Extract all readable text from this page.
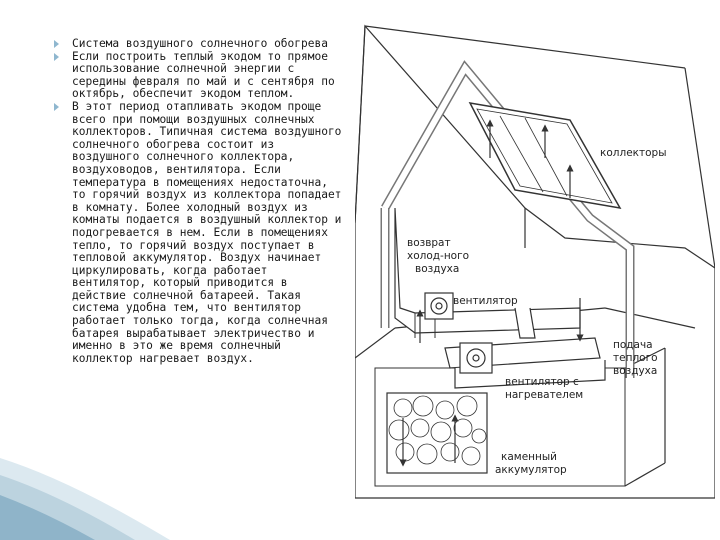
Система воздушного солнечного обогрева
Если построить теплый экодом то прямое использование солнечной энергии с середины февраля по май и с сентября по октябрь, обеспечит экодом теплом.
В этот период отапливать экодом проще всего при помощи воздушных солнечных коллекторов. Типичная система воздушного солнечного обогрева состоит из воздушного солнечного коллектора, воздуховодов, вентилятора. Если температура в помещениях недостаточна, то горячий воздух из коллектора попадает в комнату. Более холодный воздух из комнаты подается в воздушный коллектор и подогревается в нем. Если в помещениях тепло, то горячий воздух поступает в тепловой аккумулятор. Воздух начинает циркулировать, когда работает вентилятор, который приводится в действие солнечной батареей. Такая система удобна тем, что вентилятор работает только тогда, когда солнечная батарея вырабатывает электричество и именно в это же время солнечный коллектор нагревает воздух.
коллекторы
возврат
холод-ного
воздуха
вентилятор
подача
теплого
воздуха
вентилятор с
нагревателем
каменный
аккумулятор
